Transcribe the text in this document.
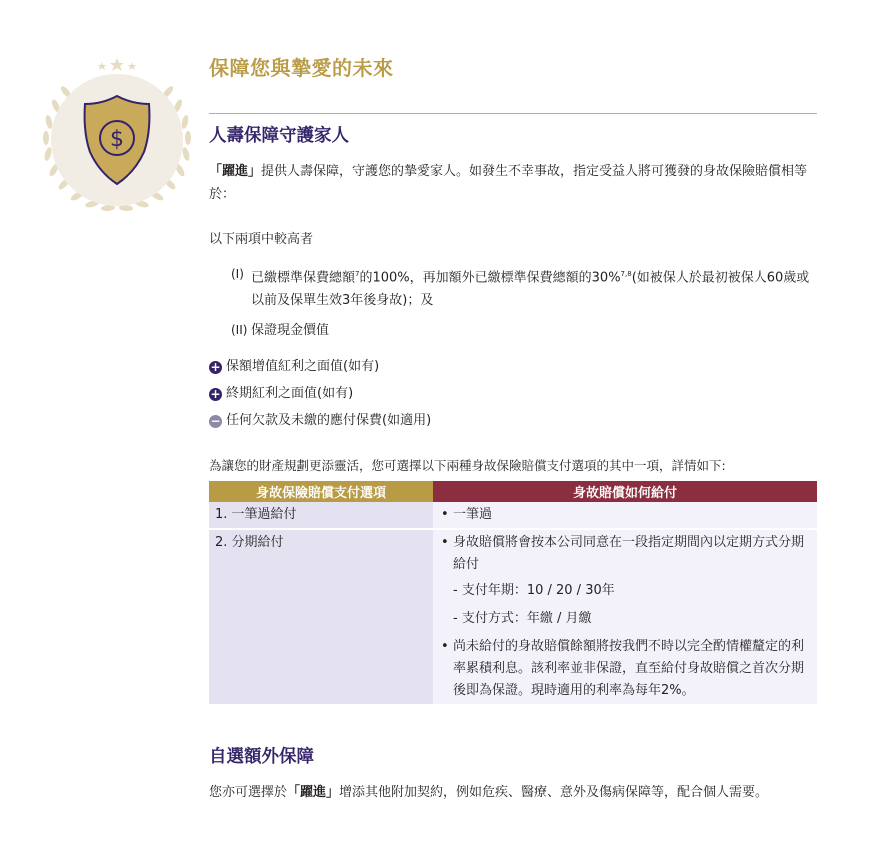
$
保障您與摯愛的未來
人壽保障守護家人
「躍進」提供人壽保障，守護您的摯愛家人。如發生不幸事故，指定受益人將可獲發的身故保險賠償相等於：
以下兩項中較高者
(I) 已繳標準保費總額$^7$的100%，再加額外已繳標準保費總額的30%$^{7,8}$(如被保人於最初被保人60歲或以前及保單生效3年後身故)；及
(II) 保證現金價值
+ 保額增值紅利之面值(如有)
+ 終期紅利之面值(如有)
− 任何欠款及未繳的應付保費(如適用)
為讓您的財產規劃更添靈活，您可選擇以下兩種身故保險賠償支付選項的其中一項，詳情如下:
身故保險賠償支付選項	身故賠償如何給付
1. 一筆過給付	• 一筆過

2. 分期給付	• 身故賠償將會按本公司同意在一段指定期間內以定期方式分期給付
- 支付年期：10 / 20 / 30年
- 支付方式：年繳 / 月繳
• 尚未給付的身故賠償餘額將按我們不時以完全酌情權釐定的利率累積利息。該利率並非保證，直至給付身故賠償之首次分期後即為保證。現時適用的利率為每年2%。
自選額外保障
您亦可選擇於「躍進」增添其他附加契約，例如危疾、醫療、意外及傷病保障等，配合個人需要。
